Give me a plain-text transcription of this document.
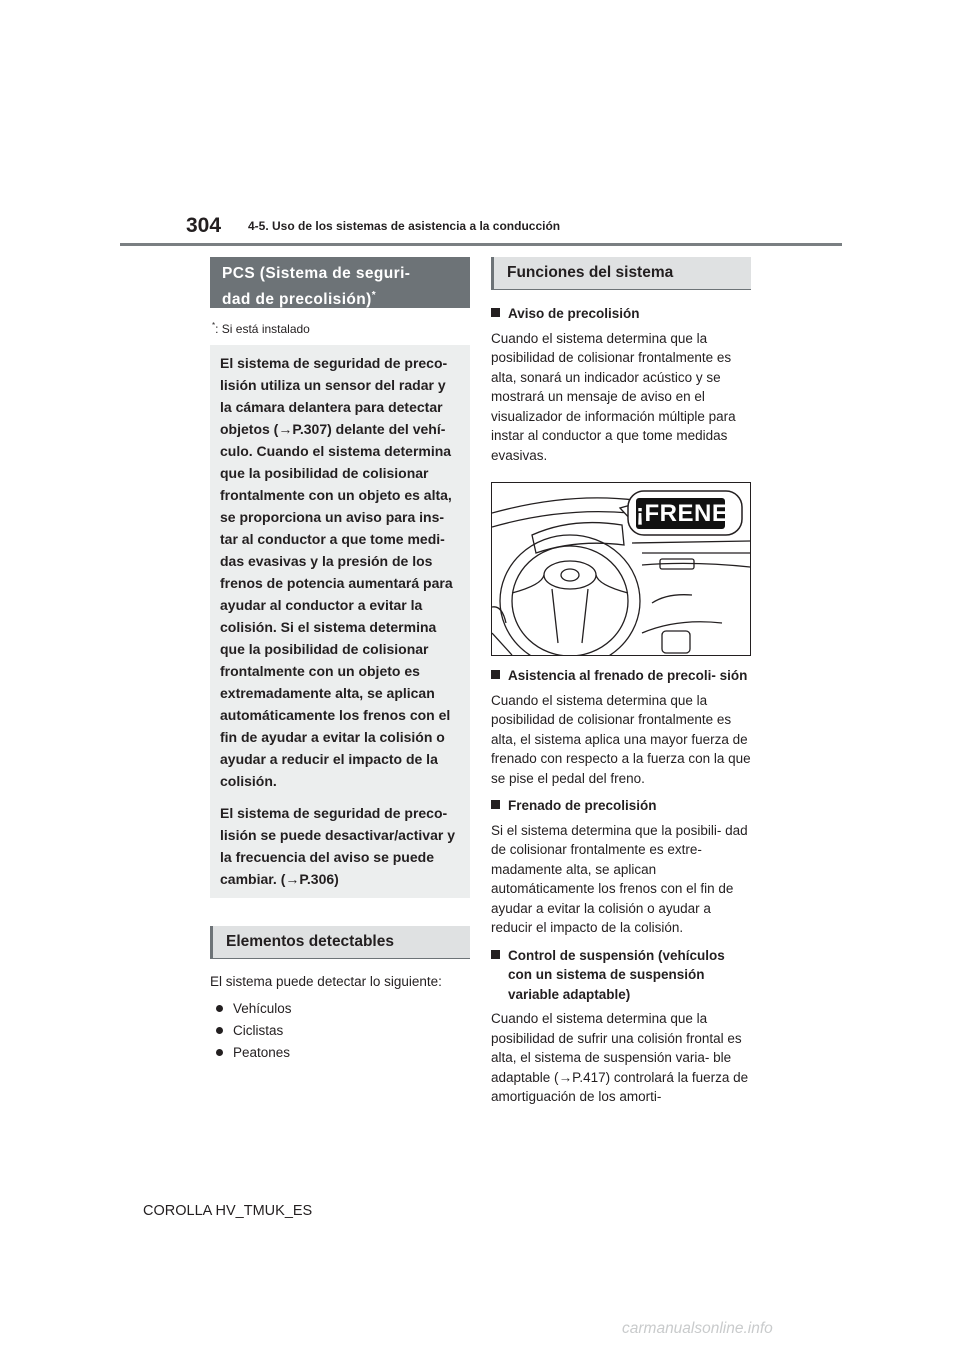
304 4-5. Uso de los sistemas de asistencia a la conducción
PCS (Sistema de seguri-
dad de precolisión)*
*: Si está instalado

El sistema de seguridad de preco- lisión utiliza un sensor del radar y la cámara delantera para detectar objetos (→P.307) delante del vehí- culo. Cuando el sistema determina que la posibilidad de colisionar frontalmente con un objeto es alta, se proporciona un aviso para ins- tar al conductor a que tome medi- das evasivas y la presión de los frenos de potencia aumentará para ayudar al conductor a evitar la colisión. Si el sistema determina que la posibilidad de colisionar frontalmente con un objeto es extremadamente alta, se aplican automáticamente los frenos con el fin de ayudar a evitar la colisión o ayudar a reducir el impacto de la colisión.

El sistema de seguridad de preco- lisión se puede desactivar/activar y la frecuencia del aviso se puede cambiar. (→P.306)

Elementos detectables

El sistema puede detectar lo siguiente:

Vehículos
Ciclistas
Peatones
Funciones del sistema
Aviso de precolisión

Cuando el sistema determina que la posibilidad de colisionar frontalmente es alta, sonará un indicador acústico y se mostrará un mensaje de aviso en el visualizador de información múltiple para instar al conductor a que tome medidas evasivas.

¡FRENE!
Asistencia al frenado de precoli- sión

Cuando el sistema determina que la posibilidad de colisionar frontalmente es alta, el sistema aplica una mayor fuerza de frenado con respecto a la fuerza con la que se pise el pedal del freno.

Frenado de precolisión

Si el sistema determina que la posibili- dad de colisionar frontalmente es extre- madamente alta, se aplican automáticamente los frenos con el fin de ayudar a evitar la colisión o ayudar a reducir el impacto de la colisión.

Control de suspensión (vehículos con un sistema de suspensión variable adaptable)

Cuando el sistema determina que la posibilidad de sufrir una colisión frontal es alta, el sistema de suspensión varia- ble adaptable (→P.417) controlará la fuerza de amortiguación de los amorti-

COROLLA HV_TMUK_ES
carmanualsonline.info
